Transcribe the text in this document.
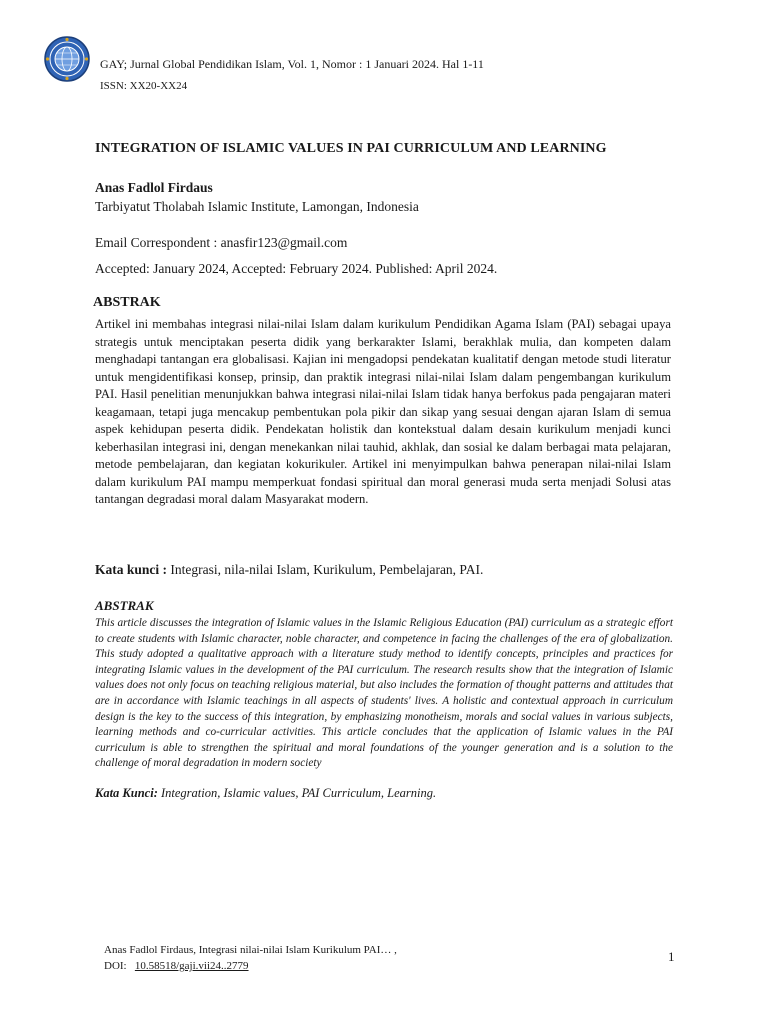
GAY; Jurnal Global Pendidikan Islam, Vol. 1, Nomor : 1 Januari 2024. Hal 1-11
ISSN: XX20-XX24
INTEGRATION OF ISLAMIC VALUES IN PAI CURRICULUM AND LEARNING
Anas Fadlol Firdaus
Tarbiyatut Tholabah Islamic Institute, Lamongan, Indonesia
Email Correspondent : anasfir123@gmail.com
Accepted: January 2024, Accepted: February 2024. Published: April 2024.
ABSTRAK
Artikel ini membahas integrasi nilai-nilai Islam dalam kurikulum Pendidikan Agama Islam (PAI) sebagai upaya strategis untuk menciptakan peserta didik yang berkarakter Islami, berakhlak mulia, dan kompeten dalam menghadapi tantangan era globalisasi. Kajian ini mengadopsi pendekatan kualitatif dengan metode studi literatur untuk mengidentifikasi konsep, prinsip, dan praktik integrasi nilai-nilai Islam dalam pengembangan kurikulum PAI. Hasil penelitian menunjukkan bahwa integrasi nilai-nilai Islam tidak hanya berfokus pada pengajaran materi keagamaan, tetapi juga mencakup pembentukan pola pikir dan sikap yang sesuai dengan ajaran Islam di semua aspek kehidupan peserta didik. Pendekatan holistik dan kontekstual dalam desain kurikulum menjadi kunci keberhasilan integrasi ini, dengan menekankan nilai tauhid, akhlak, dan sosial ke dalam berbagai mata pelajaran, metode pembelajaran, dan kegiatan kokurikuler. Artikel ini menyimpulkan bahwa penerapan nilai-nilai Islam dalam kurikulum PAI mampu memperkuat fondasi spiritual dan moral generasi muda serta menjadi Solusi atas tantangan degradasi moral dalam Masyarakat modern.
Kata kunci : Integrasi, nila-nilai Islam, Kurikulum, Pembelajaran, PAI.
ABSTRAK
This article discusses the integration of Islamic values in the Islamic Religious Education (PAI) curriculum as a strategic effort to create students with Islamic character, noble character, and competence in facing the challenges of the era of globalization. This study adopted a qualitative approach with a literature study method to identify concepts, principles and practices for integrating Islamic values in the development of the PAI curriculum. The research results show that the integration of Islamic values does not only focus on teaching religious material, but also includes the formation of thought patterns and attitudes that are in accordance with Islamic teachings in all aspects of students' lives. A holistic and contextual approach in curriculum design is the key to the success of this integration, by emphasizing monotheism, morals and social values in various subjects, learning methods and co-curricular activities. This article concludes that the application of Islamic values in the PAI curriculum is able to strengthen the spiritual and moral foundations of the younger generation and is a solution to the challenge of moral degradation in modern society
Kata Kunci: Integration, Islamic values, PAI Curriculum, Learning.
Anas Fadlol Firdaus, Integrasi nilai-nilai Islam Kurikulum PAI… ,
DOI: 10.58518/gaji.vii24..2779
1
